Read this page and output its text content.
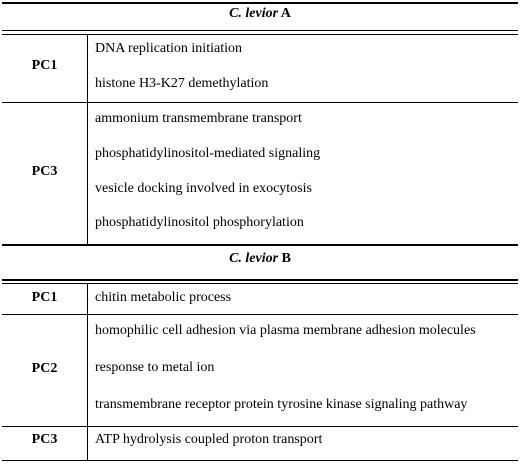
C. levior A
PC1
DNA replication initiation
histone H3-K27 demethylation
PC3
ammonium transmembrane transport
phosphatidylinositol-mediated signaling
vesicle docking involved in exocytosis
phosphatidylinositol phosphorylation
C. levior B
PC1	chitin metabolic process
PC2
homophilic cell adhesion via plasma membrane adhesion molecules
response to metal ion
transmembrane receptor protein tyrosine kinase signaling pathway
PC3	ATP hydrolysis coupled proton transport
